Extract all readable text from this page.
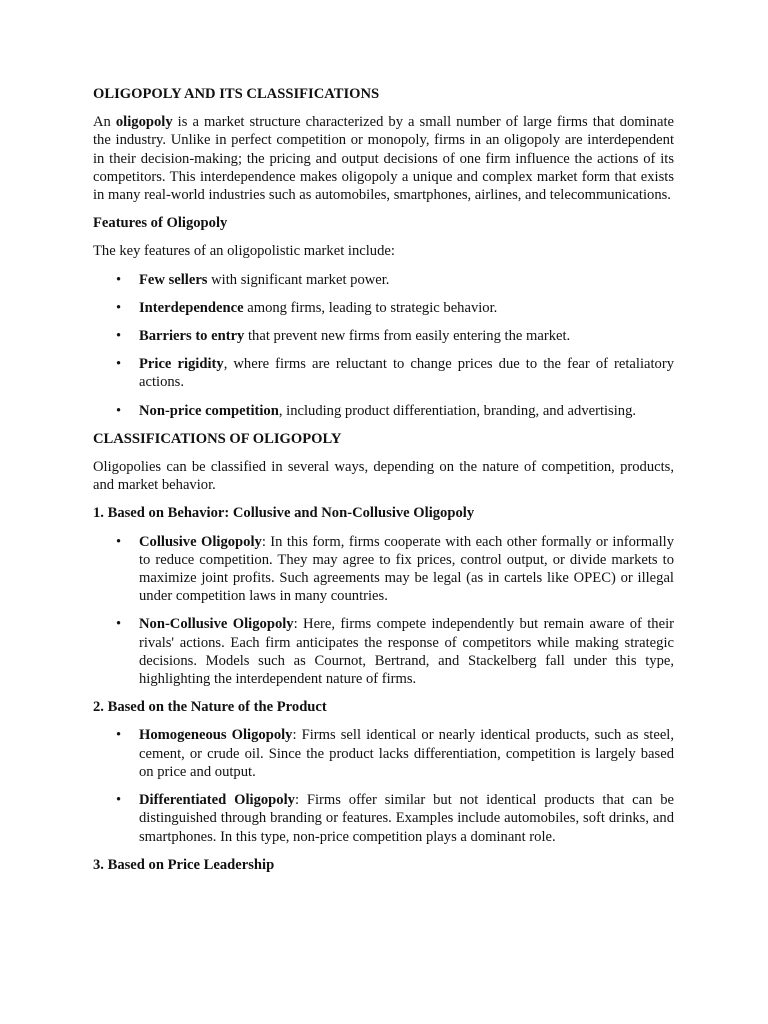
OLIGOPOLY AND ITS CLASSIFICATIONS

An oligopoly is a market structure characterized by a small number of large firms that dominate the industry. Unlike in perfect competition or monopoly, firms in an oligopoly are interdependent in their decision-making; the pricing and output decisions of one firm influence the actions of its competitors. This interdependence makes oligopoly a unique and complex market form that exists in many real-world industries such as automobiles, smartphones, airlines, and telecommunications.

Features of Oligopoly

The key features of an oligopolistic market include:

• Few sellers with significant market power.
• Interdependence among firms, leading to strategic behavior.
• Barriers to entry that prevent new firms from easily entering the market.
• Price rigidity, where firms are reluctant to change prices due to the fear of retaliatory actions.
• Non-price competition, including product differentiation, branding, and advertising.
CLASSIFICATIONS OF OLIGOPOLY

Oligopolies can be classified in several ways, depending on the nature of competition, products, and market behavior.

1. Based on Behavior: Collusive and Non-Collusive Oligopoly
• Collusive Oligopoly: In this form, firms cooperate with each other formally or informally to reduce competition. They may agree to fix prices, control output, or divide markets to maximize joint profits. Such agreements may be legal (as in cartels like OPEC) or illegal under competition laws in many countries.
• Non-Collusive Oligopoly: Here, firms compete independently but remain aware of their rivals' actions. Each firm anticipates the response of competitors while making strategic decisions. Models such as Cournot, Bertrand, and Stackelberg fall under this type, highlighting the interdependent nature of firms.
2. Based on the Nature of the Product
• Homogeneous Oligopoly: Firms sell identical or nearly identical products, such as steel, cement, or crude oil. Since the product lacks differentiation, competition is largely based on price and output.
• Differentiated Oligopoly: Firms offer similar but not identical products that can be distinguished through branding or features. Examples include automobiles, soft drinks, and smartphones. In this type, non-price competition plays a dominant role.
3. Based on Price Leadership
